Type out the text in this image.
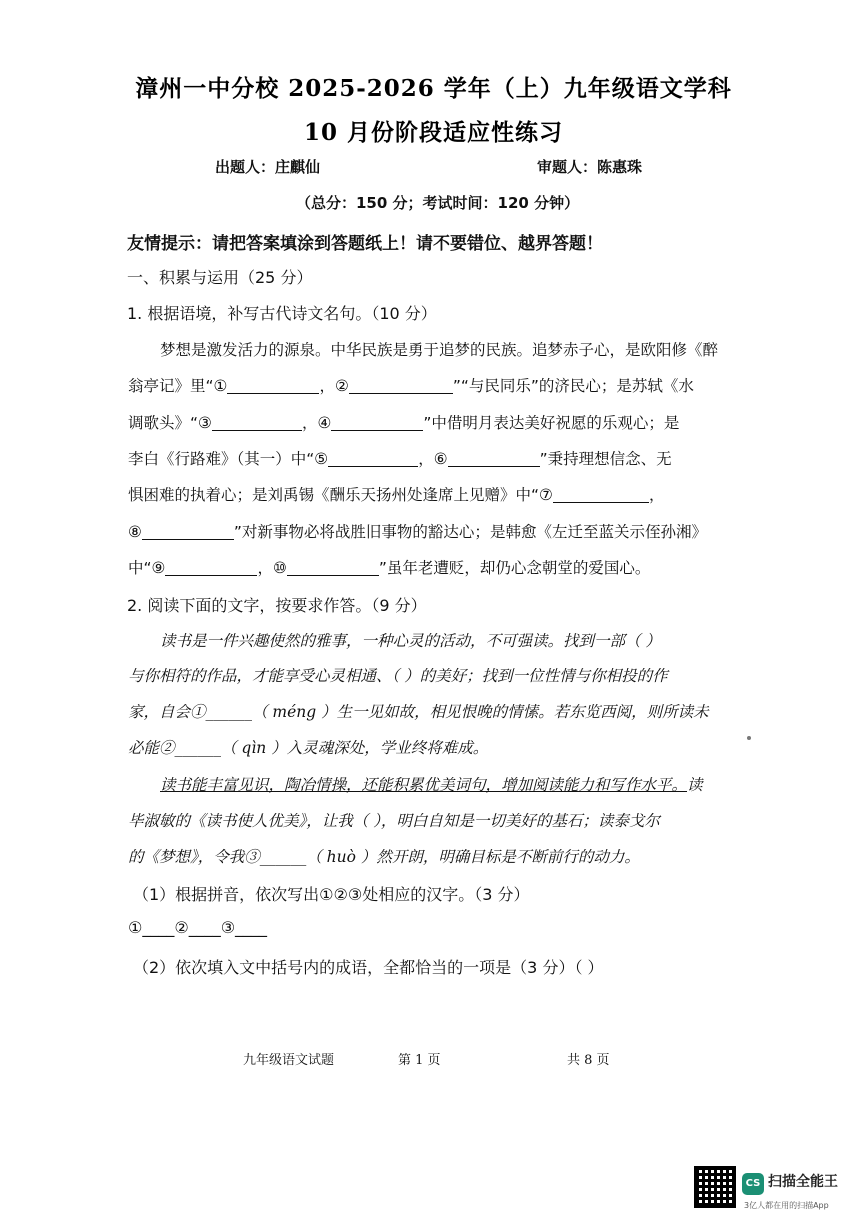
漳州一中分校 2025-2026 学年（上）九年级语文学科
10 月份阶段适应性练习
出题人：庄麒仙	审题人：陈惠珠
（总分：150 分；考试时间：120 分钟）
友情提示：请把答案填涂到答题纸上！请不要错位、越界答题！
一、积累与运用（25 分）
1. 根据语境，补写古代诗文名句。（10 分）
梦想是激发活力的源泉。中华民族是勇于追梦的民族。追梦赤子心，是欧阳修《醉
翁亭记》里“①	，②	”“与民同乐”的济民心；是苏轼《水
调歌头》“③	，④	”中借明月表达美好祝愿的乐观心；是
李白《行路难》（其一）中“⑤	，⑥	”秉持理想信念、无
惧困难的执着心；是刘禹锡《酬乐天扬州处逢席上见赠》中“⑦	，
⑧	”对新事物必将战胜旧事物的豁达心；是韩愈《左迁至蓝关示侄孙湘》
中“⑨	，⑩	”虽年老遭贬，却仍心念朝堂的爱国心。
2. 阅读下面的文字，按要求作答。（9 分）
读书是一件兴趣使然的雅事，一种心灵的活动，不可强读。找到一部（ ）
与你相符的作品，才能享受心灵相通、（ ）的美好；找到一位性情与你相投的作
家，自会①______（ méng ）生一见如故，相见恨晚的情愫。若东览西阅，则所读未
必能②______（ qìn ）入灵魂深处，学业终将难成。
读书能丰富见识，陶冶情操，还能积累优美词句，增加阅读能力和写作水平。读
毕淑敏的《读书使人优美》，让我（ ），明白自知是一切美好的基石；读泰戈尔
的《梦想》，令我③______（ huò ）然开朗，明确目标是不断前行的动力。
（1）根据拼音，依次写出①②③处相应的汉字。（3 分）
①____②____③____
（2）依次填入文中括号内的成语，全都恰当的一项是（3 分）（ ）
九年级语文试题	第 1 页	共 8 页
CS 扫描全能王
3亿人都在用的扫描App
